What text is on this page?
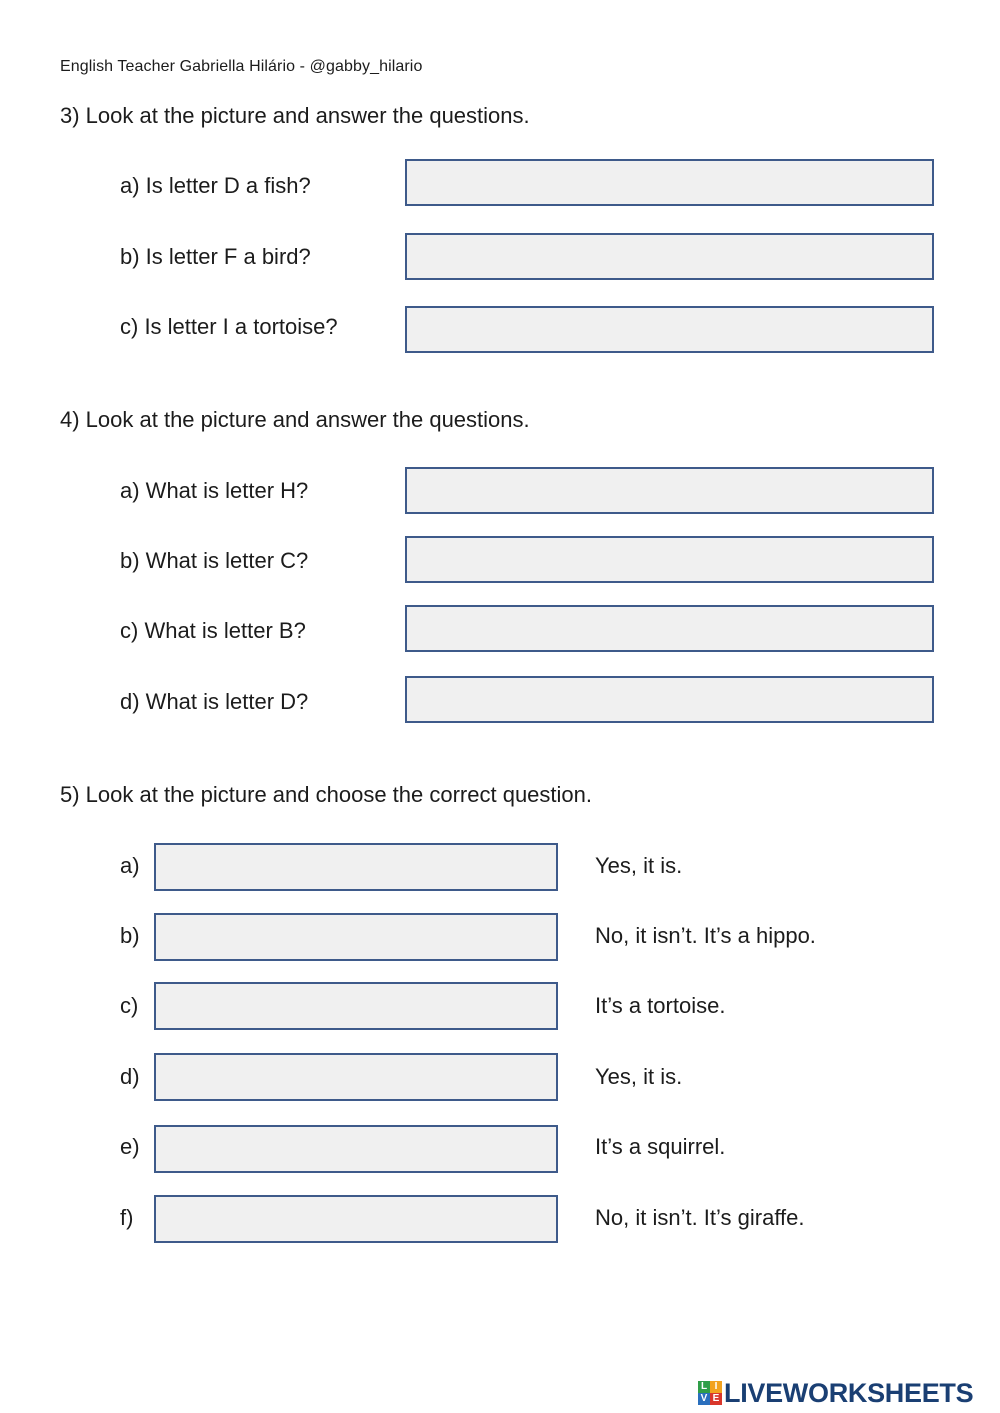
English Teacher Gabriella Hilário - @gabby_hilario
3) Look at the picture and answer the questions.
a) Is letter D a fish?
b) Is letter F a bird?
c) Is letter I a tortoise?
4) Look at the picture and answer the questions.
a) What is letter H?
b) What is letter C?
c) What is letter B?
d) What is letter D?
5) Look at the picture and choose the correct question.
a)	Yes, it is.
b)	No, it isn’t. It’s a hippo.
c)	It’s a tortoise.
d)	Yes, it is.
e)	It’s a squirrel.
f)	No, it isn’t. It’s giraffe.
L I
V E LIVEWORKSHEETS
